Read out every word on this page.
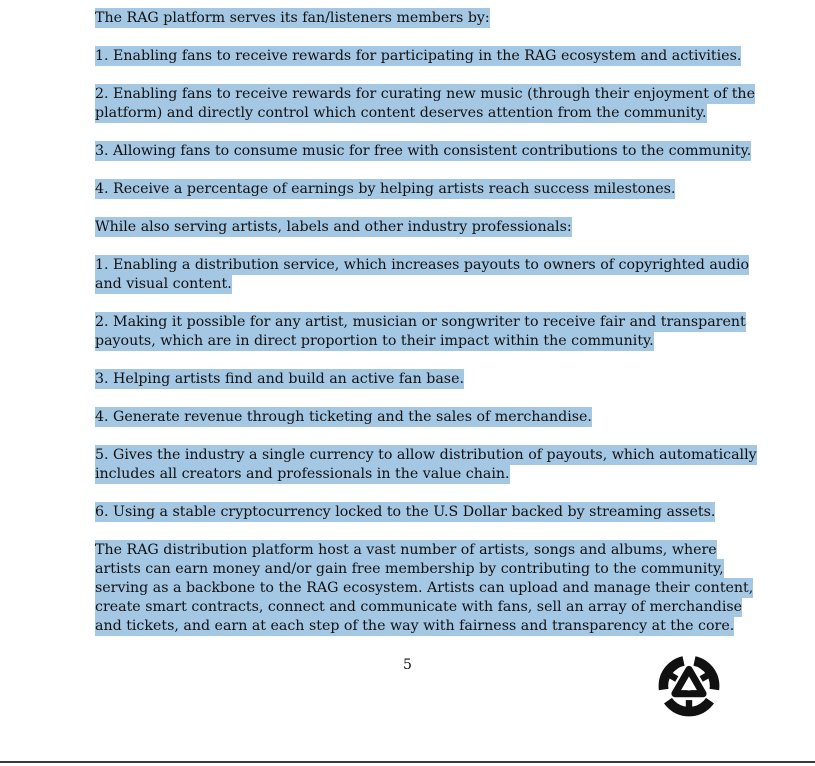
The RAG platform serves its fan/listeners members by:

1. Enabling fans to receive rewards for participating in the RAG ecosystem and activities.

2. Enabling fans to receive rewards for curating new music (through their enjoyment of the
platform) and directly control which content deserves attention from the community.

3. Allowing fans to consume music for free with consistent contributions to the community.

4. Receive a percentage of earnings by helping artists reach success milestones.

While also serving artists, labels and other industry professionals:

1. Enabling a distribution service, which increases payouts to owners of copyrighted audio
and visual content.

2. Making it possible for any artist, musician or songwriter to receive fair and transparent
payouts, which are in direct proportion to their impact within the community.

3. Helping artists find and build an active fan base.

4. Generate revenue through ticketing and the sales of merchandise.

5. Gives the industry a single currency to allow distribution of payouts, which automatically
includes all creators and professionals in the value chain.

6. Using a stable cryptocurrency locked to the U.S Dollar backed by streaming assets.

The RAG distribution platform host a vast number of artists, songs and albums, where
artists can earn money and/or gain free membership by contributing to the community,
serving as a backbone to the RAG ecosystem. Artists can upload and manage their content,
create smart contracts, connect and communicate with fans, sell an array of merchandise
and tickets, and earn at each step of the way with fairness and transparency at the core.

5
